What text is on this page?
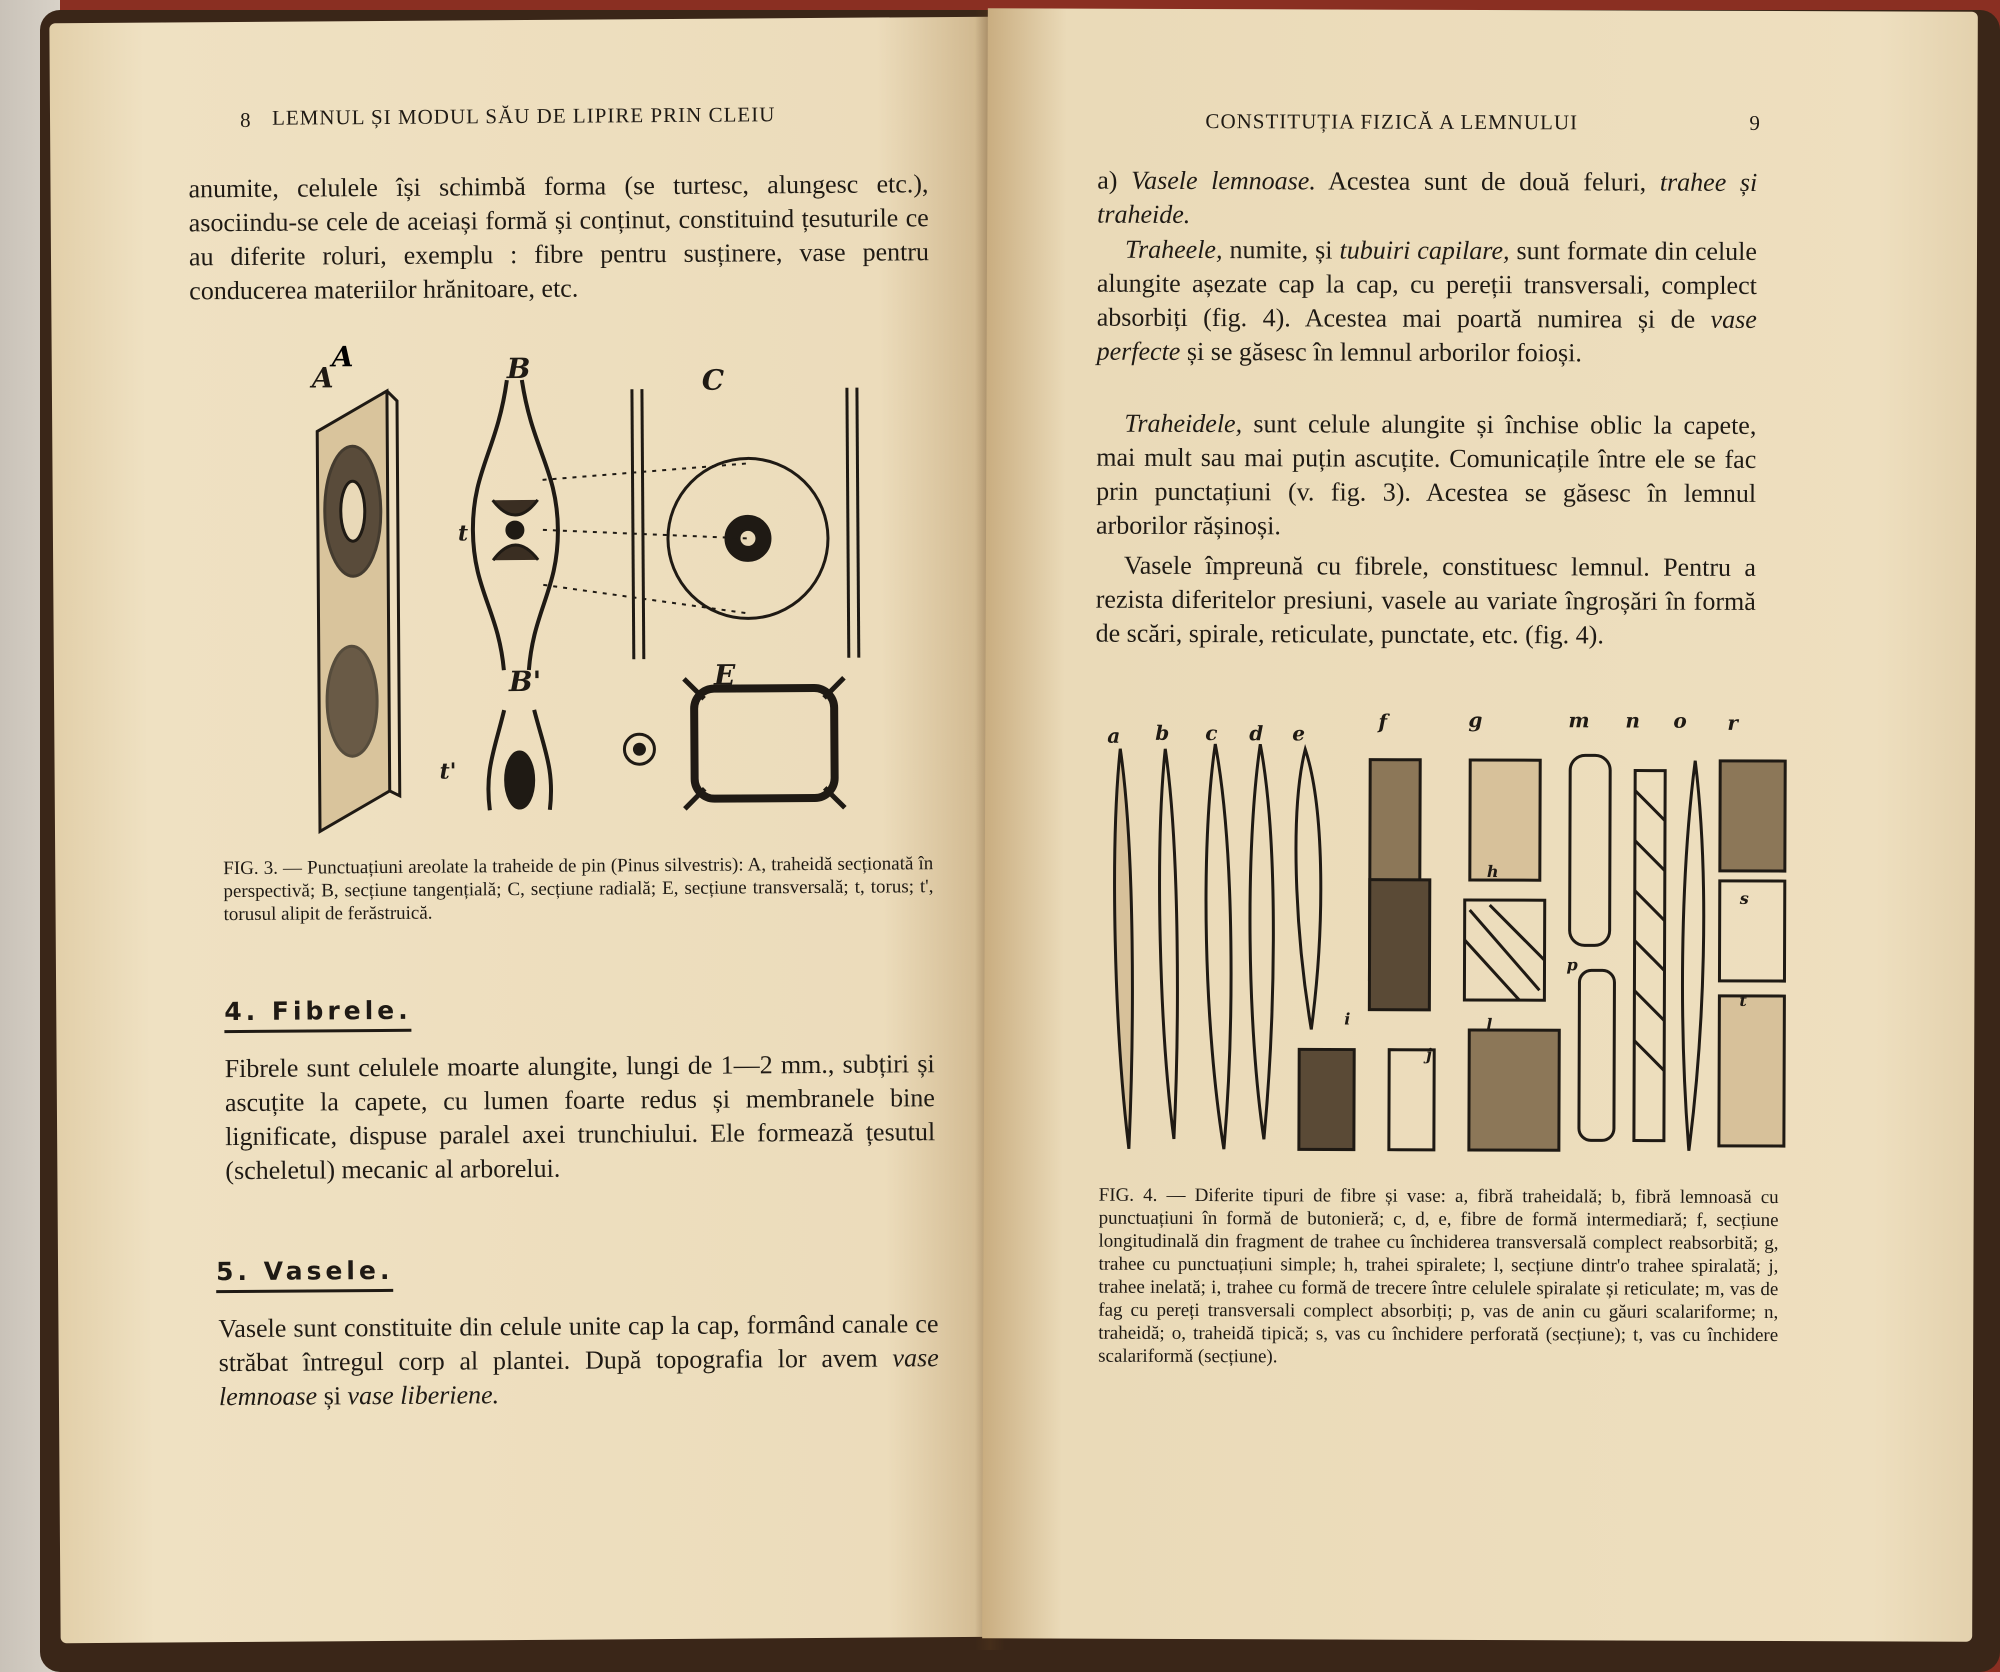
8 LEMNUL ȘI MODUL SĂU DE LIPIRE PRIN CLEIU
anumite, celulele își schimbă forma (se turtesc, alungesc etc.), asociindu-se cele de aceiași formă și conținut, constituind țesuturile ce au diferite roluri, exemplu : fibre pentru susținere, vase pentru conducerea materiilor hrănitoare, etc.
A
A	B	C
t
B'	E
t'
FIG. 3. — Punctuațiuni areolate la traheide de pin (Pinus silvestris): A, traheidă secționată în perspectivă; B, secțiune tangențială; C, secțiune radială; E, secțiune transversală; t, torus; t', torusul alipit de ferăstruică.
4. Fibrele.
Fibrele sunt celulele moarte alungite, lungi de 1—2 mm., subțiri și ascuțite la capete, cu lumen foarte redus și membranele bine lignificate, dispuse paralel axei trunchiului. Ele formează țesutul (scheletul) mecanic al arborelui.
5. Vasele.
Vasele sunt constituite din celule unite cap la cap, formând canale ce străbat întregul corp al plantei. După topografia lor avem vase lemnoase și vase liberiene.
CONSTITUȚIA FIZICĂ A LEMNULUI	9
a) Vasele lemnoase. Acestea sunt de două feluri, trahee și traheide.
Traheele, numite, și tubuiri capilare, sunt formate din celule alungite așezate cap la cap, cu pereții transversali, complect absorbiți (fig. 4). Acestea mai poartă numirea și de vase perfecte și se găsesc în lemnul arborilor foioși.
Traheidele, sunt celule alungite și închise oblic la capete, mai mult sau mai puțin ascuțite. Comunicațile între ele se fac prin punctațiuni (v. fig. 3). Acestea se găsesc în lemnul arborilor rășinoși.
Vasele împreună cu fibrele, constituesc lemnul. Pentru a rezista diferitelor presiuni, vasele au variate îngroșări în formă de scări, spirale, reticulate, punctate, etc. (fig. 4).
a b c d e	f	g	m n o r
h
s
p
i	l
t
j
FIG. 4. — Diferite tipuri de fibre și vase: a, fibră traheidală; b, fibră lemnoasă cu punctuațiuni în formă de butonieră; c, d, e, fibre de formă intermediară; f, secțiune longitudinală din fragment de trahee cu închiderea transversală complect reabsorbită; g, trahee cu punctuațiuni simple; h, trahei spiralete; l, secțiune dintr'o trahee spiralată; j, trahee inelată; i, trahee cu formă de trecere între celulele spiralate și reticulate; m, vas de fag cu pereți transversali complect absorbiți; p, vas de anin cu găuri scalariforme; n, traheidă; o, traheidă tipică; s, vas cu închidere perforată (secțiune); t, vas cu închidere scalariformă (secțiune).
